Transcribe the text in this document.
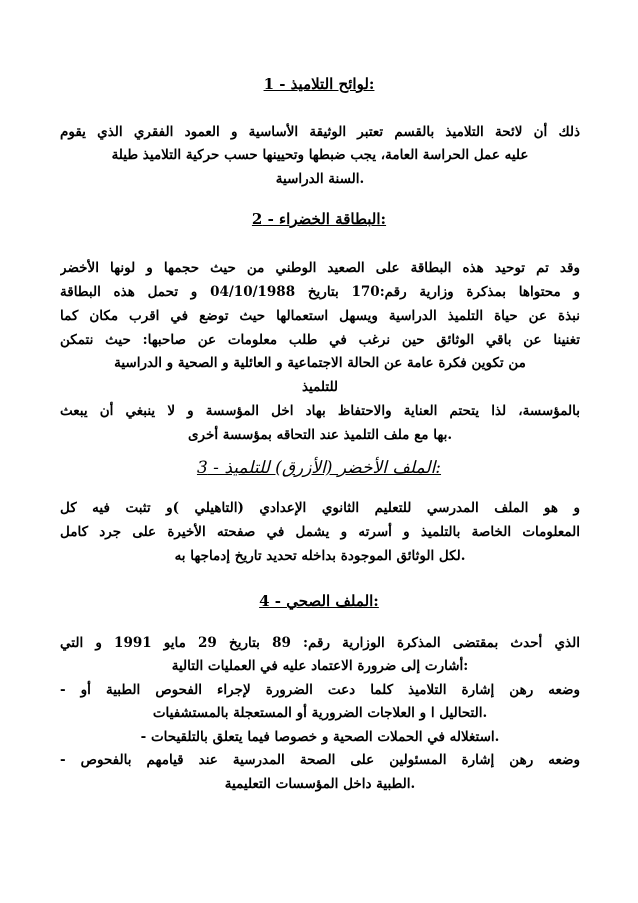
:لوائح التلاميذ - 1
ذلك أن لائحة التلاميذ بالقسم تعتبر الوثيقة الأساسية و العمود الفقري الذي يقوم
عليه عمل الحراسة العامة، يجب ضبطها وتحيينها حسب حركية التلاميذ طيلة
.السنة الدراسية
:البطاقة الخضراء - 2
وقد تم توحيد هذه البطاقة على الصعيد الوطني من حيث حجمها و لونها الأخضر
و محتواها بمذكرة وزارية رقم:170 بتاريخ 04/10/1988 و تحمل هذه البطاقة
نبذة عن حياة التلميذ الدراسية ويسهل استعمالها حيث توضع في اقرب مكان كما
تغنينا عن باقي الوثائق حين نرغب في طلب معلومات عن صاحبها: حيث نتمكن
من تكوين فكرة عامة عن الحالة الاجتماعية و العائلية و الصحية و الدراسية
للتلميذ
بالمؤسسة، لذا يتحتم العناية والاحتفاظ بهاد اخل المؤسسة و لا ينبغي أن يبعث
.بها مع ملف التلميذ عند التحاقه بمؤسسة أخرى
:الملف الأخضر (الأزرق) للتلميذ - 3
و هو الملف المدرسي للتعليم الثانوي الإعدادي (التاهيلي )و تثبت فيه كل
المعلومات الخاصة بالتلميذ و أسرته و يشمل في صفحته الأخيرة على جرد كامل
.لكل الوثائق الموجودة بداخله تحديد تاريخ إدماجها به
:الملف الصحي - 4
الذي أحدث بمقتضى المذكرة الوزارية رقم: 89 بتاريخ 29 مايو 1991 و التي
:أشارت إلى ضرورة الاعتماد عليه في العمليات التالية
وضعه رهن إشارة التلاميذ كلما دعت الضرورة لإجراء الفحوص الطبية أو -
.التحاليل ا و العلاجات الضرورية أو المستعجلة بالمستشفيات
.استغلاله في الحملات الصحية و خصوصا فيما يتعلق بالتلقيحات -
وضعه رهن إشارة المسئولين على الصحة المدرسية عند قيامهم بالفحوص -
.الطبية داخل المؤسسات التعليمية
